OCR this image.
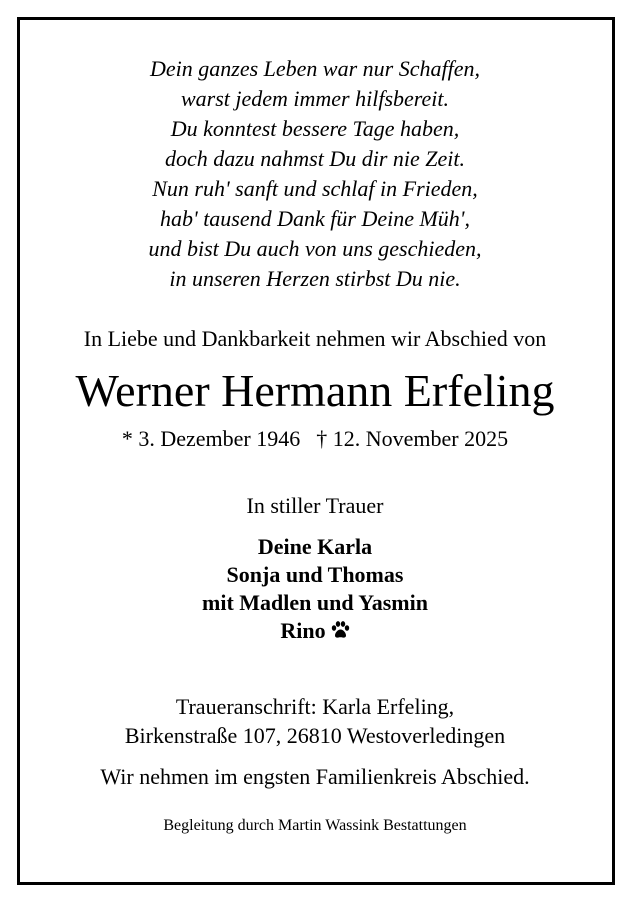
Dein ganzes Leben war nur Schaffen,
warst jedem immer hilfsbereit.
Du konntest bessere Tage haben,
doch dazu nahmst Du dir nie Zeit.
Nun ruh' sanft und schlaf in Frieden,
hab' tausend Dank für Deine Müh',
und bist Du auch von uns geschieden,
in unseren Herzen stirbst Du nie.
In Liebe und Dankbarkeit nehmen wir Abschied von
Werner Hermann Erfeling
* 3. Dezember 1946 † 12. November 2025
In stiller Trauer
Deine Karla
Sonja und Thomas
mit Madlen und Yasmin
Rino
Traueranschrift: Karla Erfeling,
Birkenstraße 107, 26810 Westoverledingen
Wir nehmen im engsten Familienkreis Abschied.
Begleitung durch Martin Wassink Bestattungen
